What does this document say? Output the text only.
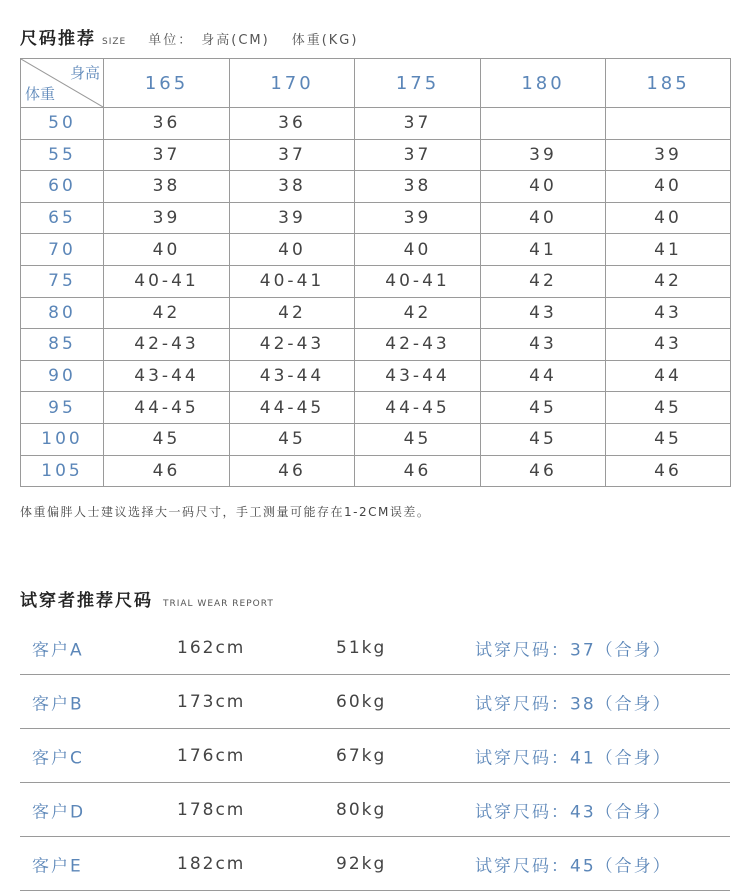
尺码推荐 SIZE 单位： 身高(CM) 体重(KG)
身高
体重	165	170	175	180	185
50	36	36	37		
55	37	37	37	39	39
60	38	38	38	40	40
65	39	39	39	40	40
70	40	40	40	41	41
75	40-41	40-41	40-41	42	42
80	42	42	42	43	43
85	42-43	42-43	42-43	43	43
90	43-44	43-44	43-44	44	44
95	44-45	44-45	44-45	45	45
100	45	45	45	45	45
105	46	46	46	46	46
体重偏胖人士建议选择大一码尺寸，手工测量可能存在1-2CM误差。
试穿者推荐尺码 TRIAL WEAR REPORT
客户A	162cm	51kg	试穿尺码：37（合身）
客户B	173cm	60kg	试穿尺码：38（合身）
客户C	176cm	67kg	试穿尺码：41（合身）
客户D	178cm	80kg	试穿尺码：43（合身）
客户E	182cm	92kg	试穿尺码：45（合身）
